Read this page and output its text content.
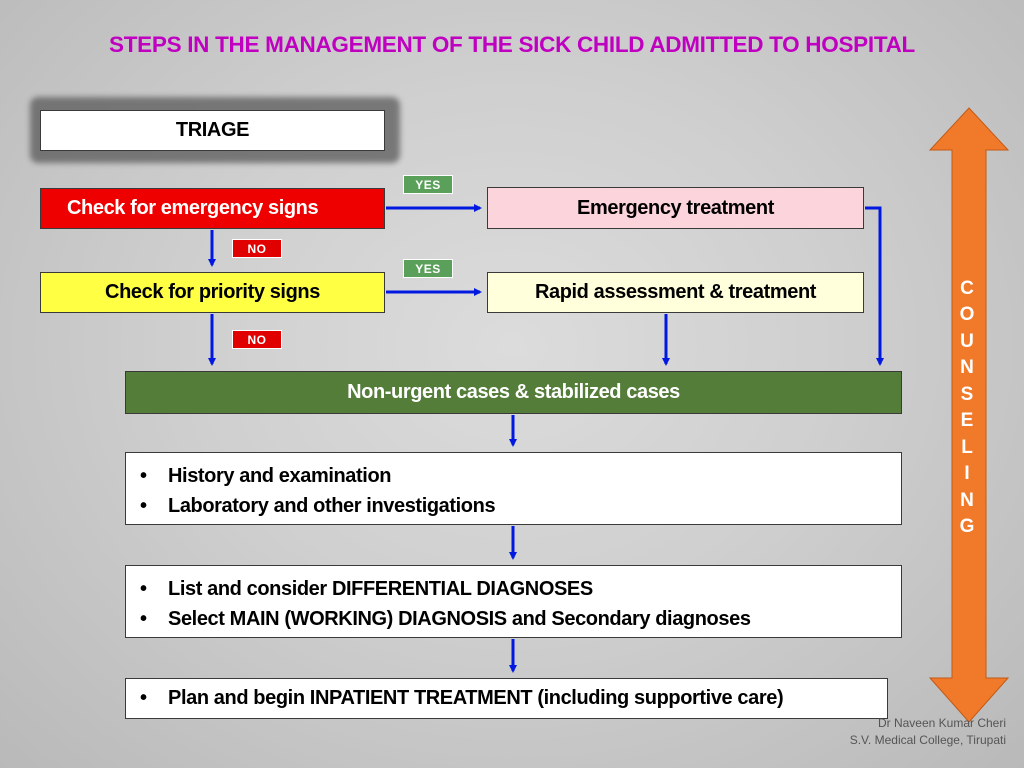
STEPS IN THE MANAGEMENT OF THE SICK CHILD ADMITTED TO HOSPITAL
TRIAGE
Check for emergency signs	Emergency treatment
Check for priority signs	Rapid assessment & treatment
Non-urgent cases & stabilized cases
• History and examination
• Laboratory and other investigations
• List and consider DIFFERENTIAL DIAGNOSES
• Select MAIN (WORKING) DIAGNOSIS and Secondary diagnoses
• Plan and begin INPATIENT TREATMENT (including supportive care)
YES
NO
YES
NO
C
O
U
N
S
E
L
I
N
G
Dr Naveen Kumar Cheri
S.V. Medical College, Tirupati
